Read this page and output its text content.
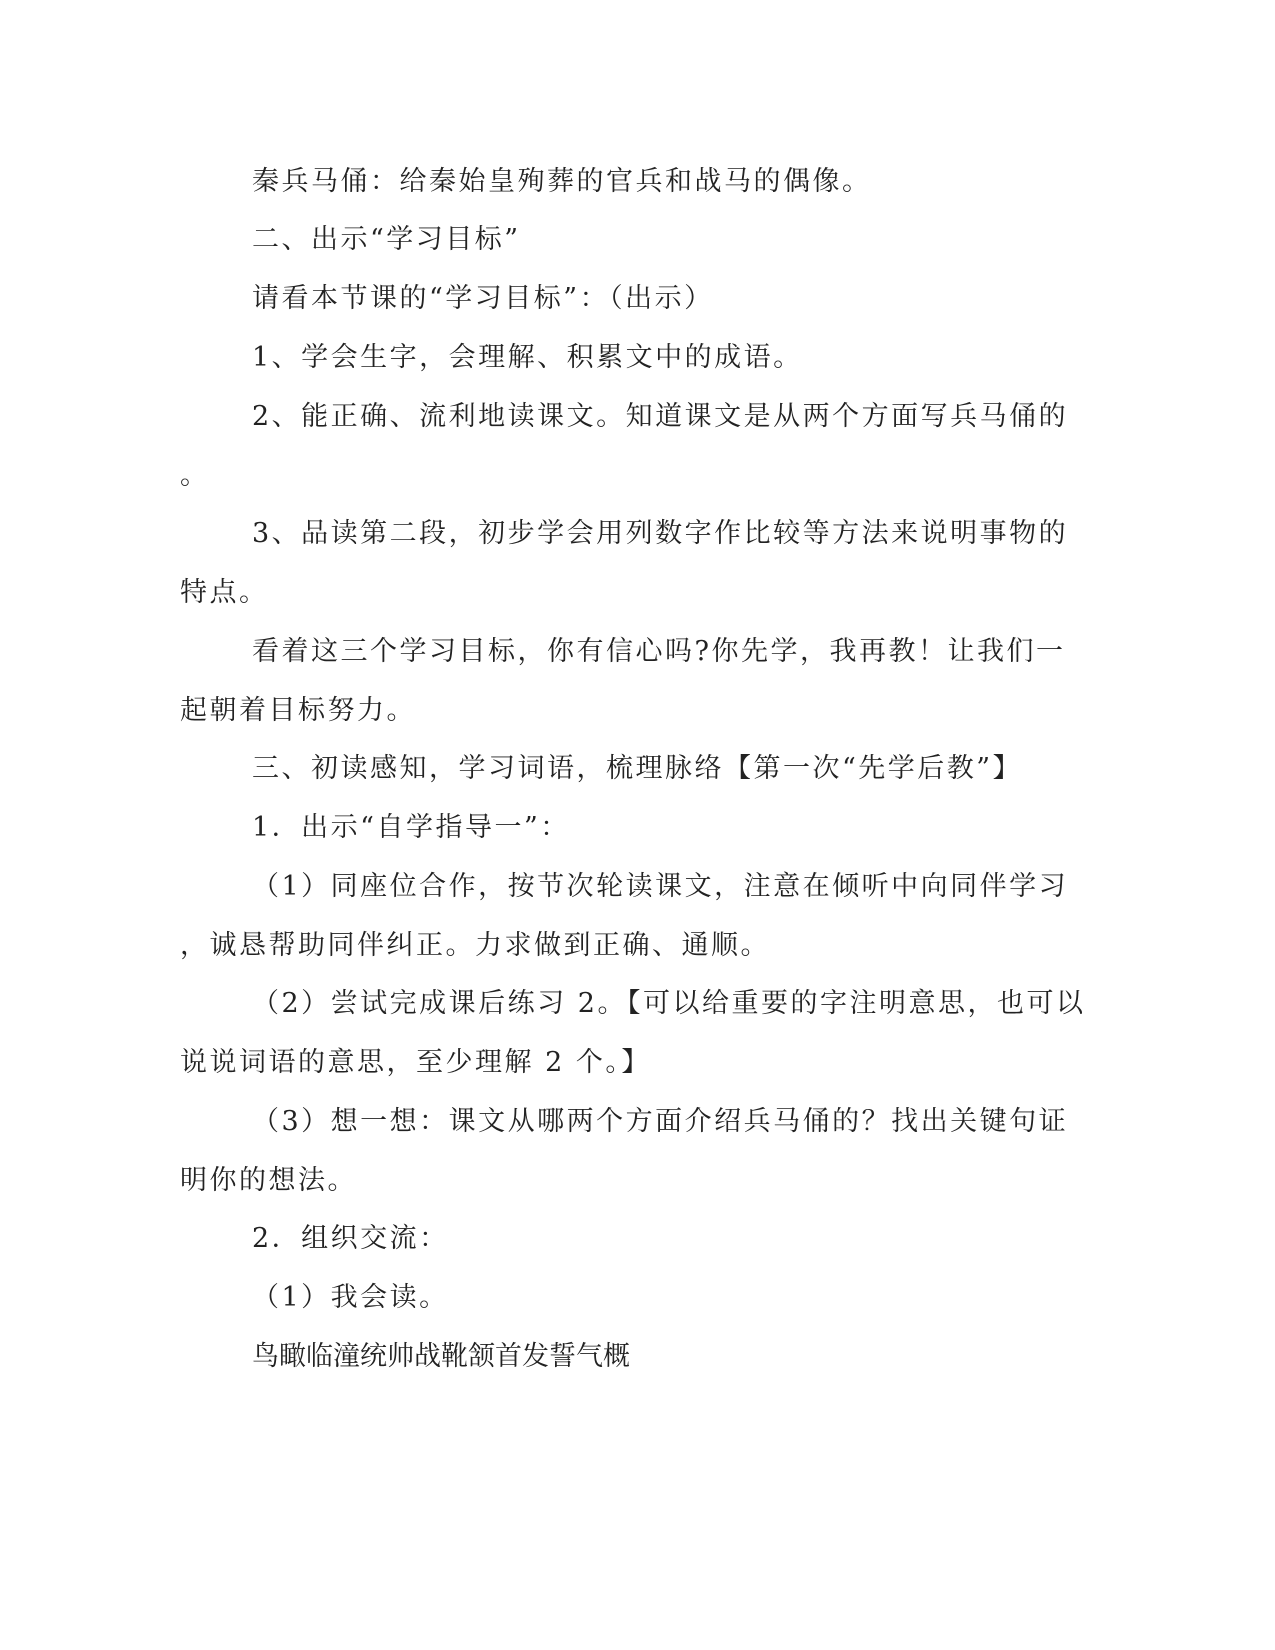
秦兵马俑：给秦始皇殉葬的官兵和战马的偶像。
二、出示“学习目标”
请看本节课的“学习目标”：（出示）
1、学会生字，会理解、积累文中的成语。
2、能正确、流利地读课文。知道课文是从两个方面写兵马俑的
。
3、品读第二段，初步学会用列数字作比较等方法来说明事物的
特点。
看着这三个学习目标，你有信心吗?你先学，我再教！让我们一
起朝着目标努力。
三、初读感知，学习词语，梳理脉络【第一次“先学后教”】
1．出示“自学指导一”：
（1）同座位合作，按节次轮读课文，注意在倾听中向同伴学习
，诚恳帮助同伴纠正。力求做到正确、通顺。
（2）尝试完成课后练习 2。【可以给重要的字注明意思，也可以
说说词语的意思，至少理解 2 个。】
（3）想一想：课文从哪两个方面介绍兵马俑的？找出关键句证
明你的想法。
2．组织交流：
（1）我会读。
鸟瞰临潼统帅战靴颔首发誓气概
